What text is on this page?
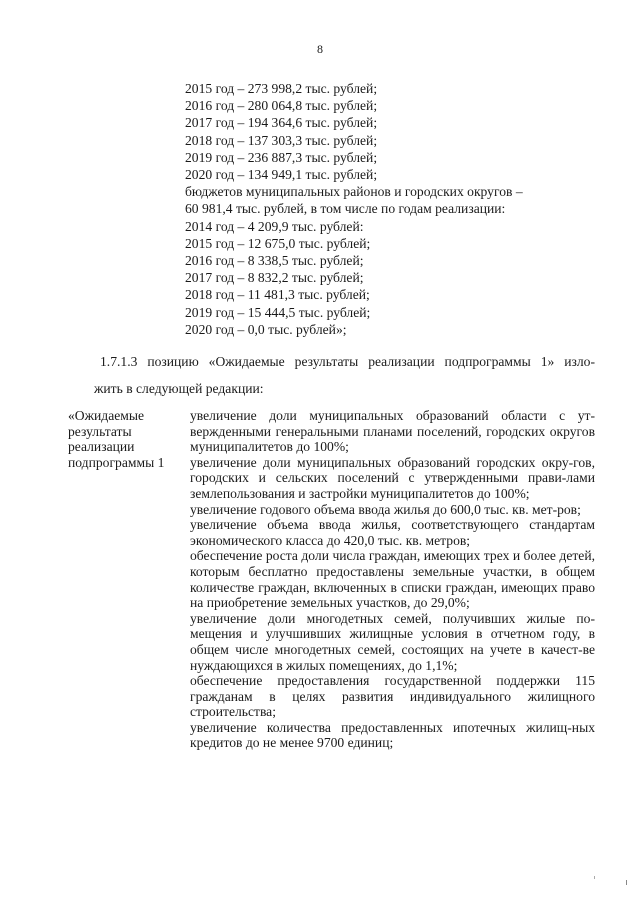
8
2015 год – 273 998,2 тыс. рублей;
2016 год – 280 064,8 тыс. рублей;
2017 год – 194 364,6 тыс. рублей;
2018 год – 137 303,3 тыс. рублей;
2019 год – 236 887,3 тыс. рублей;
2020 год – 134 949,1 тыс. рублей;
бюджетов муниципальных районов и городских округов –
60 981,4 тыс. рублей, в том числе по годам реализации:
2014 год – 4 209,9 тыс. рублей:
2015 год – 12 675,0 тыс. рублей;
2016 год – 8 338,5 тыс. рублей;
2017 год – 8 832,2 тыс. рублей;
2018 год – 11 481,3 тыс. рублей;
2019 год – 15 444,5 тыс. рублей;
2020 год – 0,0 тыс. рублей»;
1.7.1.3 позицию «Ожидаемые результаты реализации подпрограммы 1» изло-
жить в следующей редакции:
«Ожидаемые
результаты
реализации
подпрограммы 1
увеличение доли муниципальных образований области с ут-вержденными генеральными планами поселений, городских округов муниципалитетов до 100%;
увеличение доли муниципальных образований городских окру-гов, городских и сельских поселений с утвержденными прави-лами землепользования и застройки муниципалитетов до 100%;
увеличение годового объема ввода жилья до 600,0 тыс. кв. мет-ров;
увеличение объема ввода жилья, соответствующего стандартам экономического класса до 420,0 тыс. кв. метров;
обеспечение роста доли числа граждан, имеющих трех и более детей, которым бесплатно предоставлены земельные участки, в общем количестве граждан, включенных в списки граждан, имеющих право на приобретение земельных участков, до 29,0%;
увеличение доли многодетных семей, получивших жилые по-мещения и улучшивших жилищные условия в отчетном году, в общем числе многодетных семей, состоящих на учете в качест-ве нуждающихся в жилых помещениях, до 1,1%;
обеспечение предоставления государственной поддержки 115 гражданам в целях развития индивидуального жилищного строительства;
увеличение количества предоставленных ипотечных жилищ-ных кредитов до не менее 9700 единиц;
